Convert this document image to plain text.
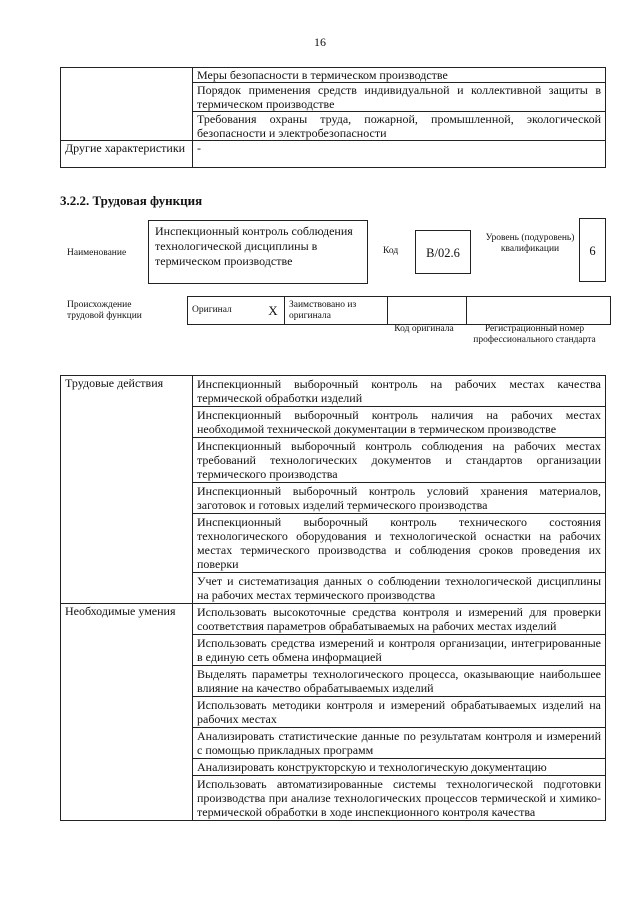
16
	Меры безопасности в термическом производстве
	Порядок применения средств индивидуальной и коллективной защиты в термическом производстве
	Требования охраны труда, пожарной, промышленной, экологической безопасности и электробезопасности
Другие характеристики	-
3.2.2. Трудовая функция
Наименование
Инспекционный контроль соблюдения технологической дисциплины в термическом производстве
Код	В/02.6
Уровень (подуровень) квалификации	6
Происхождение трудовой функции
Оригинал	X	Заимствовано из оригинала		
Код оригинала	Регистрационный номер профессионального стандарта
Трудовые действия	Инспекционный выборочный контроль на рабочих местах качества термической обработки изделий
	Инспекционный выборочный контроль наличия на рабочих местах необходимой технической документации в термическом производстве
	Инспекционный выборочный контроль соблюдения на рабочих местах требований технологических документов и стандартов организации термического производства
	Инспекционный выборочный контроль условий хранения материалов, заготовок и готовых изделий термического производства
	Инспекционный выборочный контроль технического состояния технологического оборудования и технологической оснастки на рабочих местах термического производства и соблюдения сроков проведения их поверки
	Учет и систематизация данных о соблюдении технологической дисциплины на рабочих местах термического производства
Необходимые умения	Использовать высокоточные средства контроля и измерений для проверки соответствия параметров обрабатываемых на рабочих местах изделий
	Использовать средства измерений и контроля организации, интегрированные в единую сеть обмена информацией
	Выделять параметры технологического процесса, оказывающие наибольшее влияние на качество обрабатываемых изделий
	Использовать методики контроля и измерений обрабатываемых изделий на рабочих местах
	Анализировать статистические данные по результатам контроля и измерений с помощью прикладных программ
	Анализировать конструкторскую и технологическую документацию
	Использовать автоматизированные системы технологической подготовки производства при анализе технологических процессов термической и химико-термической обработки в ходе инспекционного контроля качества
